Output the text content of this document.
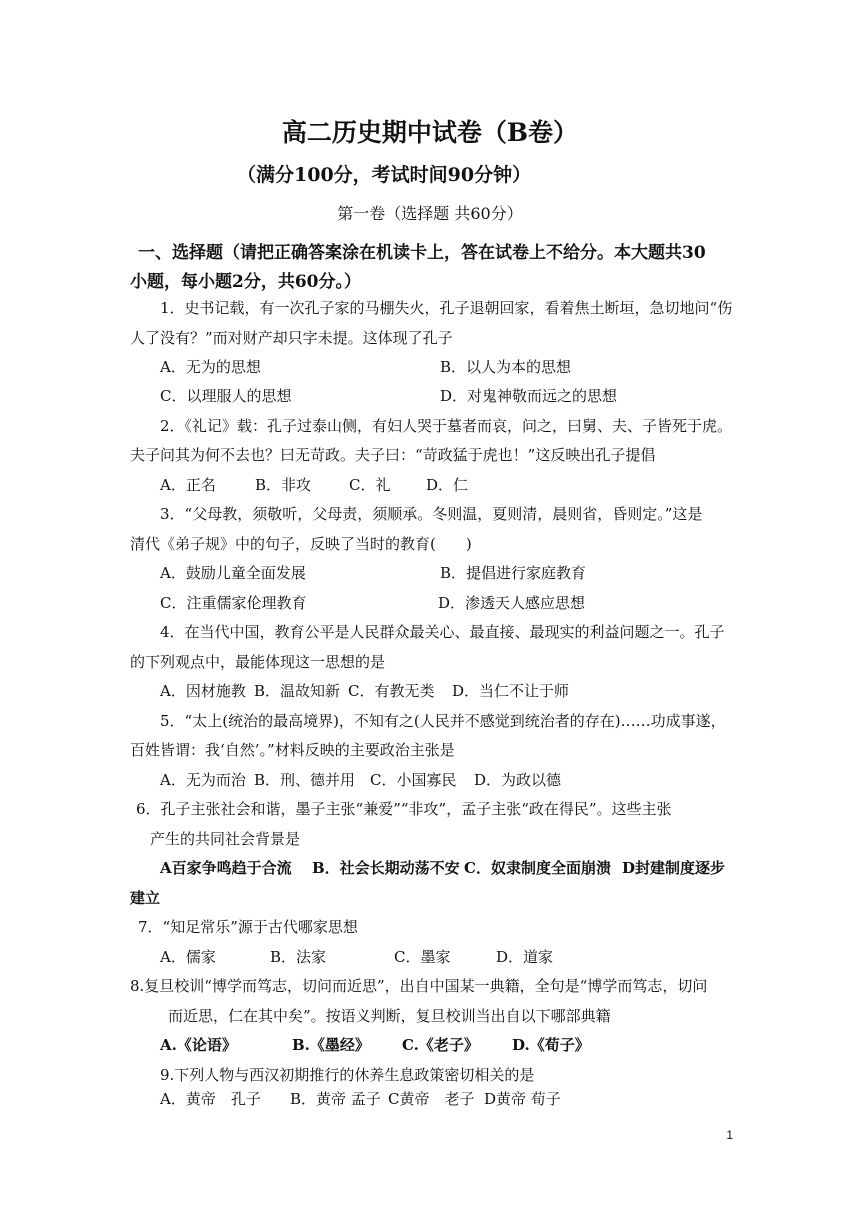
高二历史期中试卷（B卷）
（满分100分，考试时间90分钟）
第一卷（选择题 共60分）
一、选择题（请把正确答案涂在机读卡上，答在试卷上不给分。本大题共30
小题，每小题2分，共60分。）
1．史书记载，有一次孔子家的马棚失火，孔子退朝回家，看着焦土断垣，急切地问“伤
人了没有？”而对财产却只字未提。这体现了孔子
A．无为的思想	B．以人为本的思想
C．以理服人的思想	D．对鬼神敬而远之的思想
2．《礼记》载：孔子过泰山侧，有妇人哭于墓者而哀，问之，曰舅、夫、子皆死于虎。
夫子问其为何不去也？曰无苛政。夫子曰：“苛政猛于虎也！”这反映出孔子提倡
A．正名	B．非攻	C．礼 D．仁
3．“父母教，须敬听，父母责，须顺承。冬则温，夏则清，晨则省，昏则定。”这是
清代《弟子规》中的句子，反映了当时的教育(　　)
A．鼓励儿童全面发展	B．提倡进行家庭教育
C．注重儒家伦理教育	D．渗透天人感应思想
4．在当代中国，教育公平是人民群众最关心、最直接、最现实的利益问题之一。孔子
的下列观点中，最能体现这一思想的是
A．因材施教 B．温故知新 C．有教无类 D．当仁不让于师
5．“太上(统治的最高境界)，不知有之(人民并不感觉到统治者的存在)……功成事遂，
百姓皆谓：我‘自然’。”材料反映的主要政治主张是
A．无为而治 B．刑、德并用 C．小国寡民 D．为政以德
6．孔子主张社会和谐，墨子主张“兼爱”“非攻”，孟子主张“政在得民”。这些主张
产生的共同社会背景是
A百家争鸣趋于合流 B．社会长期动荡不安 C．奴隶制度全面崩溃 D封建制度逐步
建立
7．“知足常乐”源于古代哪家思想
A．儒家	B．法家	C．墨家	D．道家
8.复旦校训“博学而笃志，切问而近思”，出自中国某一典籍，全句是“博学而笃志，切问
而近思，仁在其中矣”。按语义判断，复旦校训当出自以下哪部典籍
A.《论语》	B.《墨经》 C.《老子》 D.《荀子》
9.下列人物与西汉初期推行的休养生息政策密切相关的是
A．黄帝　孔子 B．黄帝 孟子 C黄帝　老子 D黄帝 荀子
1
